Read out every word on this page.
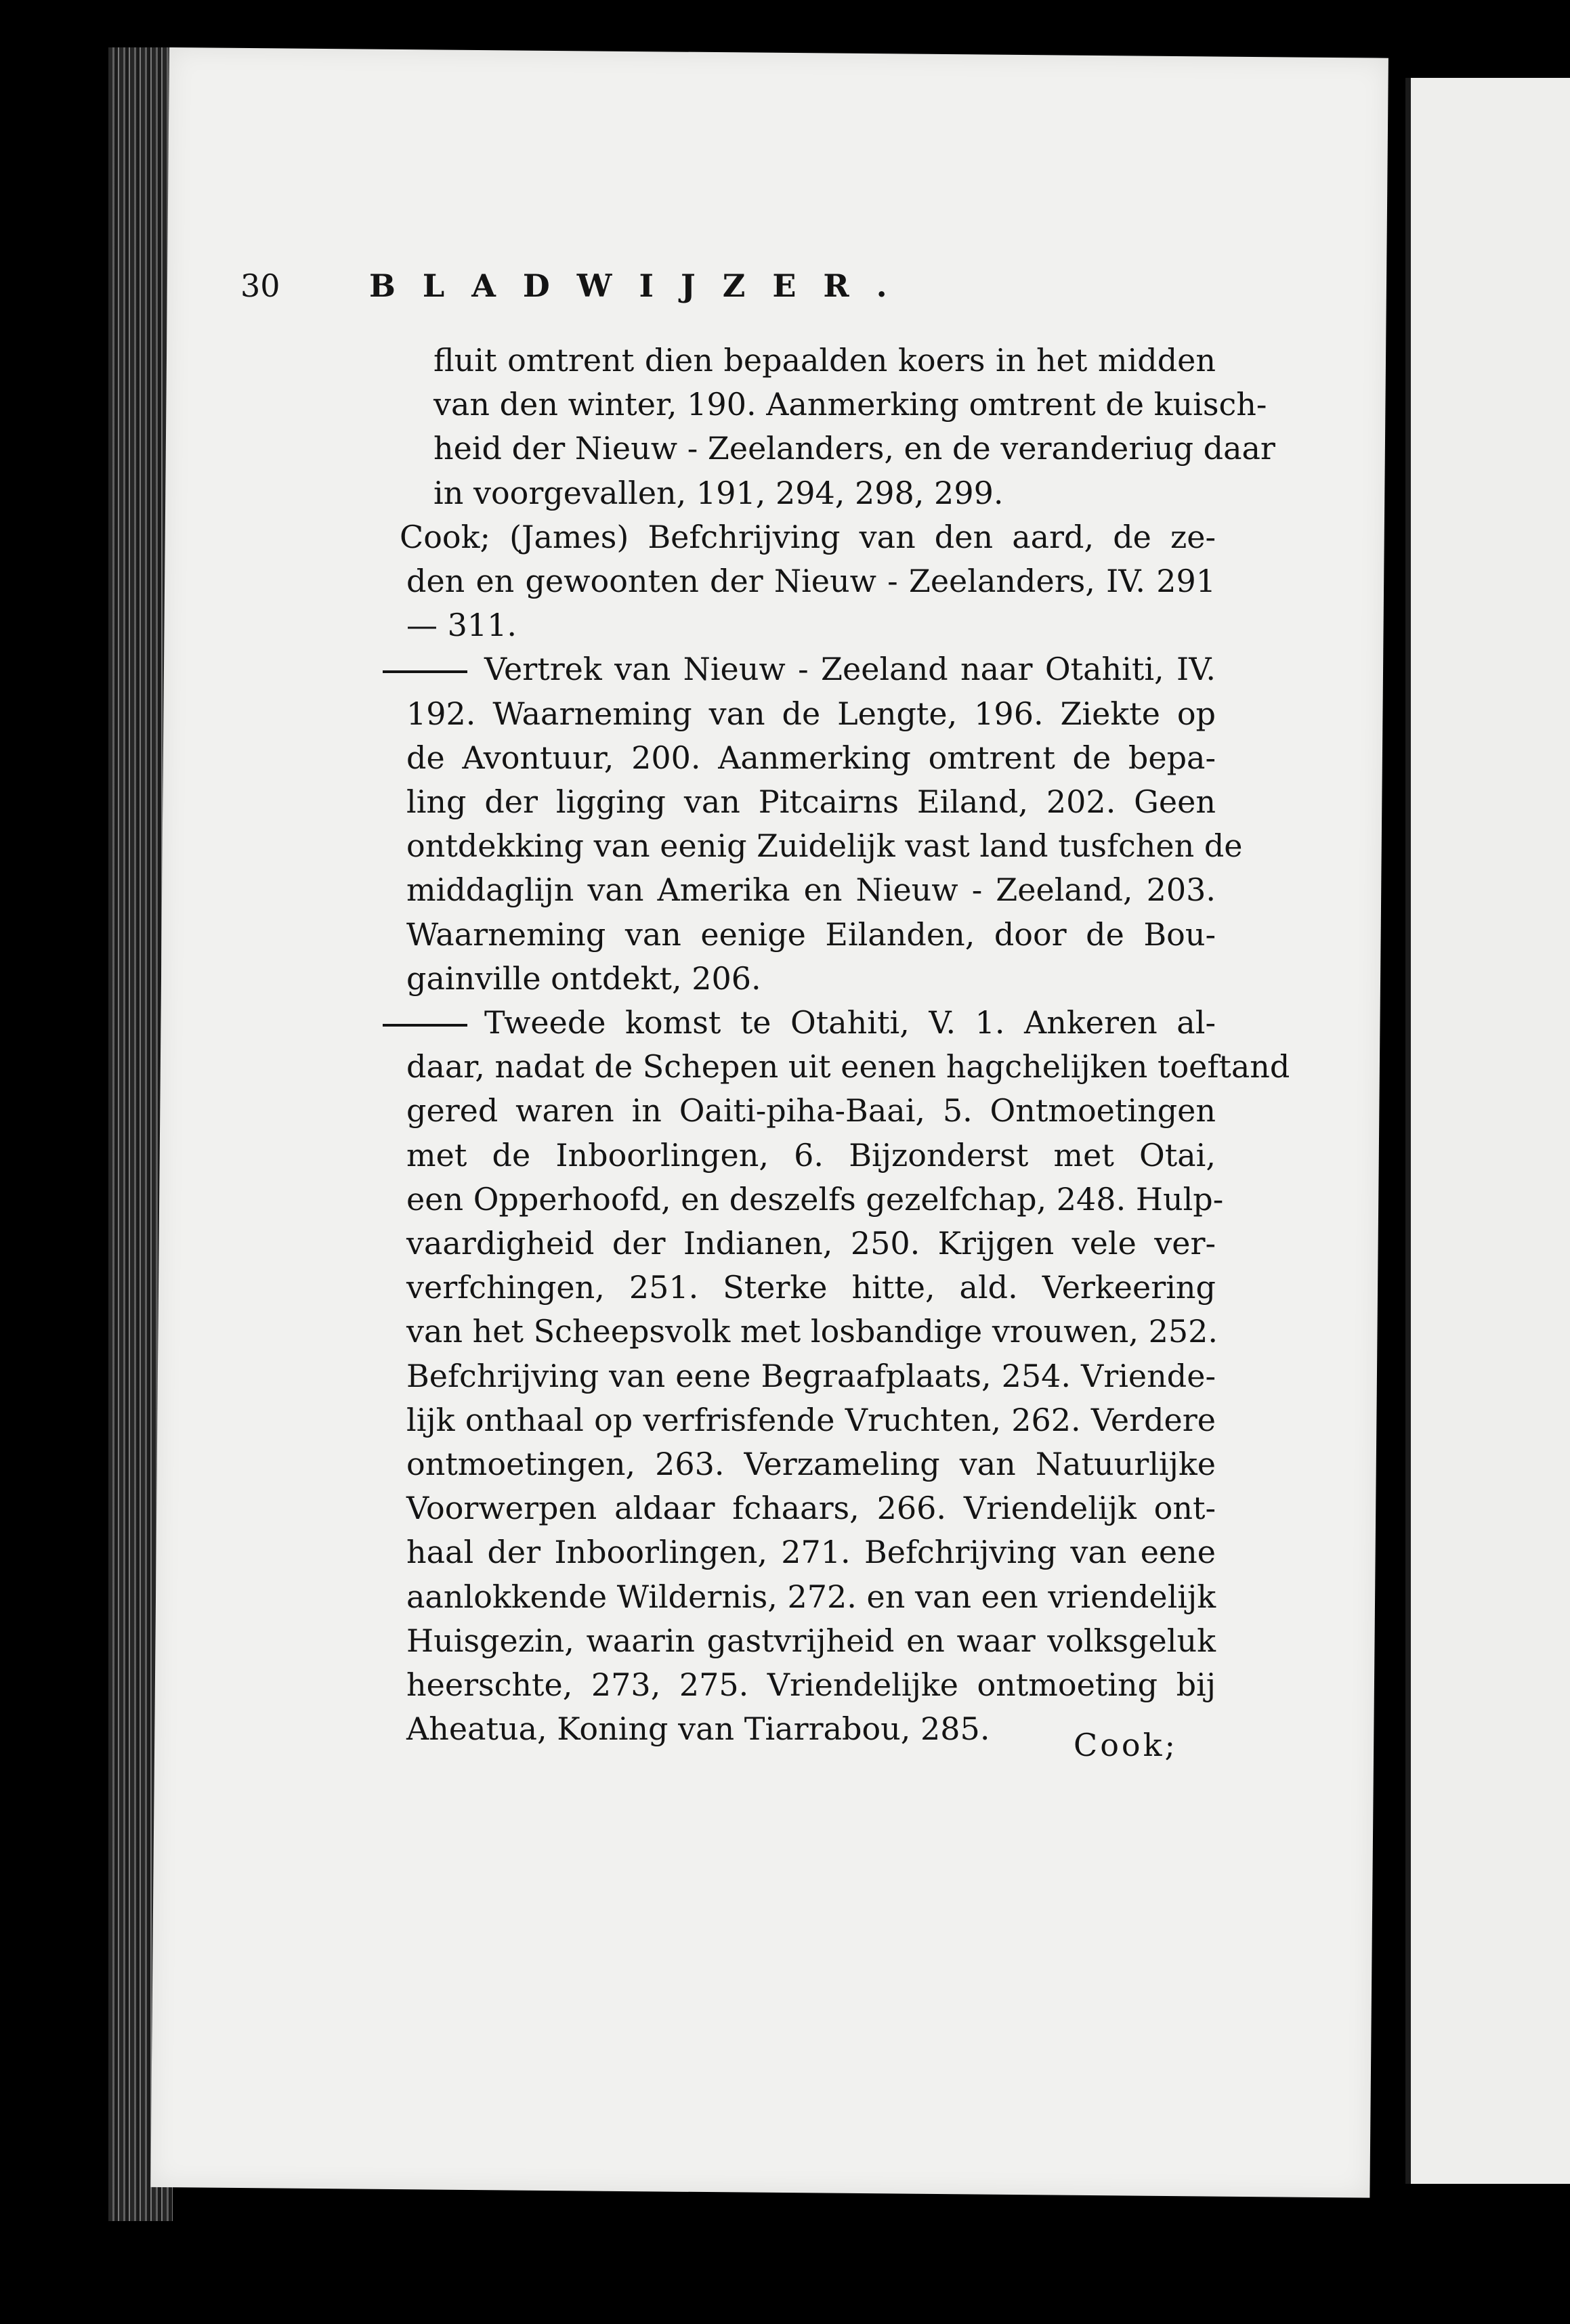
30	BLADWIJZER.
fluit omtrent dien bepaalden koers in het midden
van den winter, 190. Aanmerking omtrent de kuisch-
heid der Nieuw - Zeelanders, en de veranderiug daar
in voorgevallen, 191, 294, 298, 299.
Cook; (James) Befchrijving van den aard, de ze-
den en gewoonten der Nieuw - Zeelanders, IV. 291
— 311.
Vertrek van Nieuw - Zeeland naar Otahiti, IV.
192. Waarneming van de Lengte, 196. Ziekte op
de Avontuur, 200. Aanmerking omtrent de bepa-
ling der ligging van Pitcairns Eiland, 202. Geen
ontdekking van eenig Zuidelijk vast land tusfchen de
middaglijn van Amerika en Nieuw - Zeeland, 203.
Waarneming van eenige Eilanden, door de Bou-
gainville ontdekt, 206.
Tweede komst te Otahiti, V. 1. Ankeren al-
daar, nadat de Schepen uit eenen hagchelijken toeftand
gered waren in Oaiti-piha-Baai, 5. Ontmoetingen
met de Inboorlingen, 6. Bijzonderst met Otai,
een Opperhoofd, en deszelfs gezelfchap, 248. Hulp-
vaardigheid der Indianen, 250. Krijgen vele ver-
verfchingen, 251. Sterke hitte, ald. Verkeering
van het Scheepsvolk met losbandige vrouwen, 252.
Befchrijving van eene Begraafplaats, 254. Vriende-
lijk onthaal op verfrisfende Vruchten, 262. Verdere
ontmoetingen, 263. Verzameling van Natuurlijke
Voorwerpen aldaar fchaars, 266. Vriendelijk ont-
haal der Inboorlingen, 271. Befchrijving van eene
aanlokkende Wildernis, 272. en van een vriendelijk
Huisgezin, waarin gastvrijheid en waar volksgeluk
heerschte, 273, 275. Vriendelijke ontmoeting bij
Aheatua, Koning van Tiarrabou, 285.	Cook;
